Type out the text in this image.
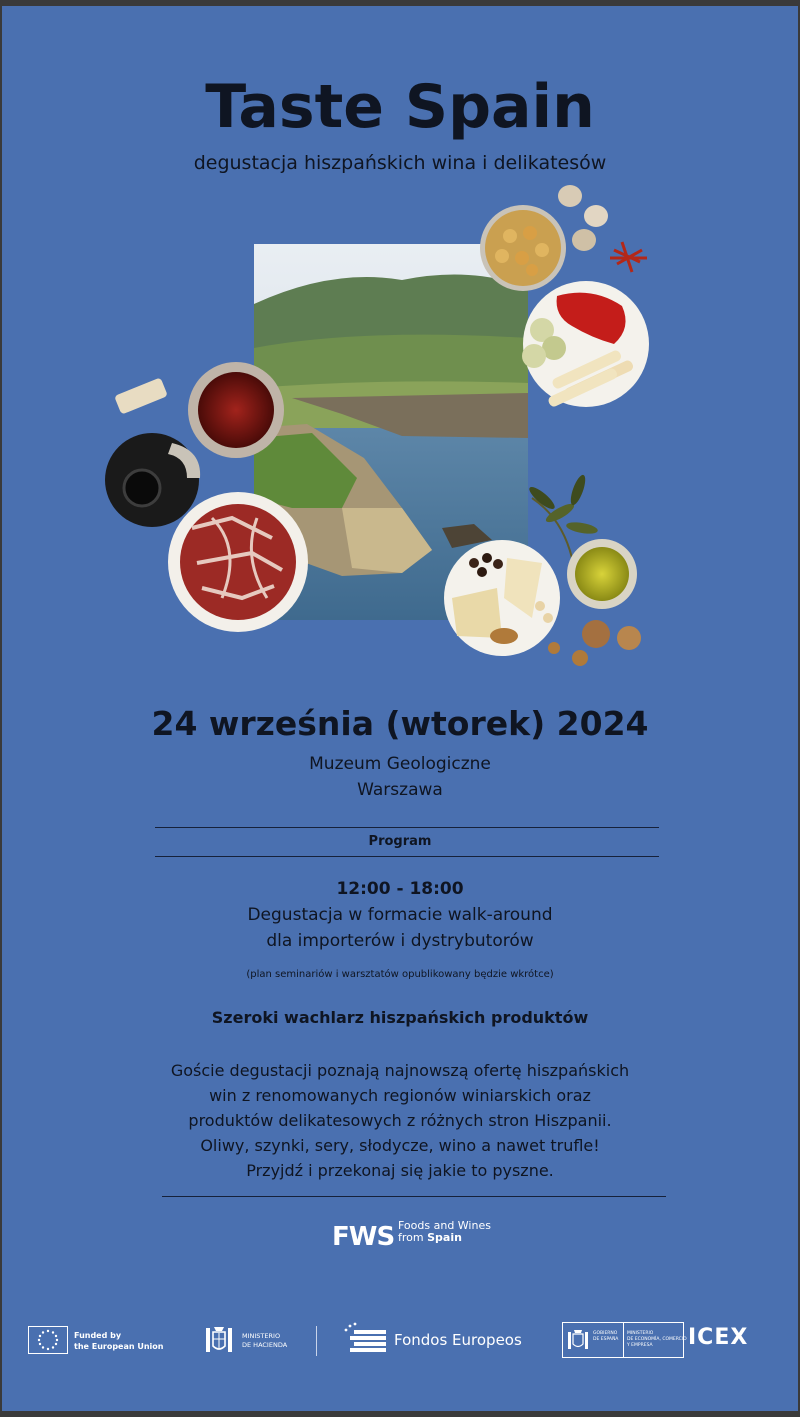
Taste Spain
degustacja hiszpańskich wina i delikatesów
24 września (wtorek) 2024
Muzeum Geologiczne
Warszawa
Program
12:00 - 18:00
Degustacja w formacie walk-around
dla importerów i dystrybutorów
(plan seminariów i warsztatów opublikowany będzie wkrótce)
Szeroki wachlarz hiszpańskich produktów
Goście degustacji poznają najnowszą ofertę hiszpańskich
win z renomowanych regionów winiarskich oraz
produktów delikatesowych z różnych stron Hiszpanii.
Oliwy, szynki, sery, słodycze, wino a nawet trufle!
Przyjdź i przekonaj się jakie to pyszne.
FWS Foods and Wines
from Spain
Funded by
the European Union
MINISTERIO
DE HACIENDA	Fondos Europeos	GOBIERNO
DE ESPAÑA
MINISTERIO
DE ECONOMÍA, COMERCIO
Y EMPRESA	ICEX
